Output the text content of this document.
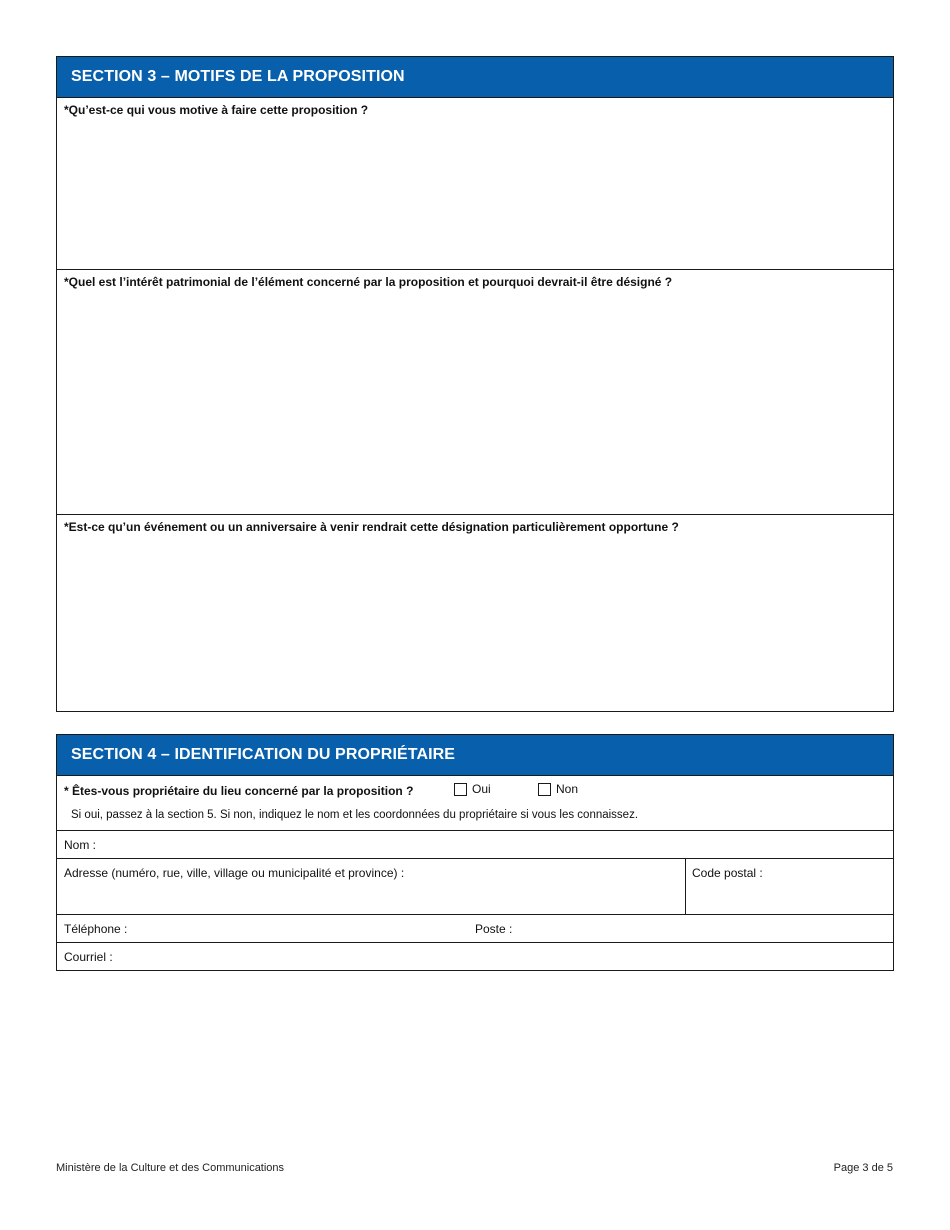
SECTION 3 – MOTIFS DE LA PROPOSITION
*Qu’est-ce qui vous motive à faire cette proposition ?
*Quel est l’intérêt patrimonial de l’élément concerné par la proposition et pourquoi devrait-il être désigné ?
*Est-ce qu’un événement ou un anniversaire à venir rendrait cette désignation particulièrement opportune ?
SECTION 4 – IDENTIFICATION DU PROPRIÉTAIRE
* Êtes-vous propriétaire du lieu concerné par la proposition ?	Oui	Non
Si oui, passez à la section 5. Si non, indiquez le nom et les coordonnées du propriétaire si vous les connaissez.
Nom :
Adresse (numéro, rue, ville, village ou municipalité et province) :	Code postal :
Téléphone :	Poste :
Courriel :
Ministère de la Culture et des Communications	Page 3 de 5
